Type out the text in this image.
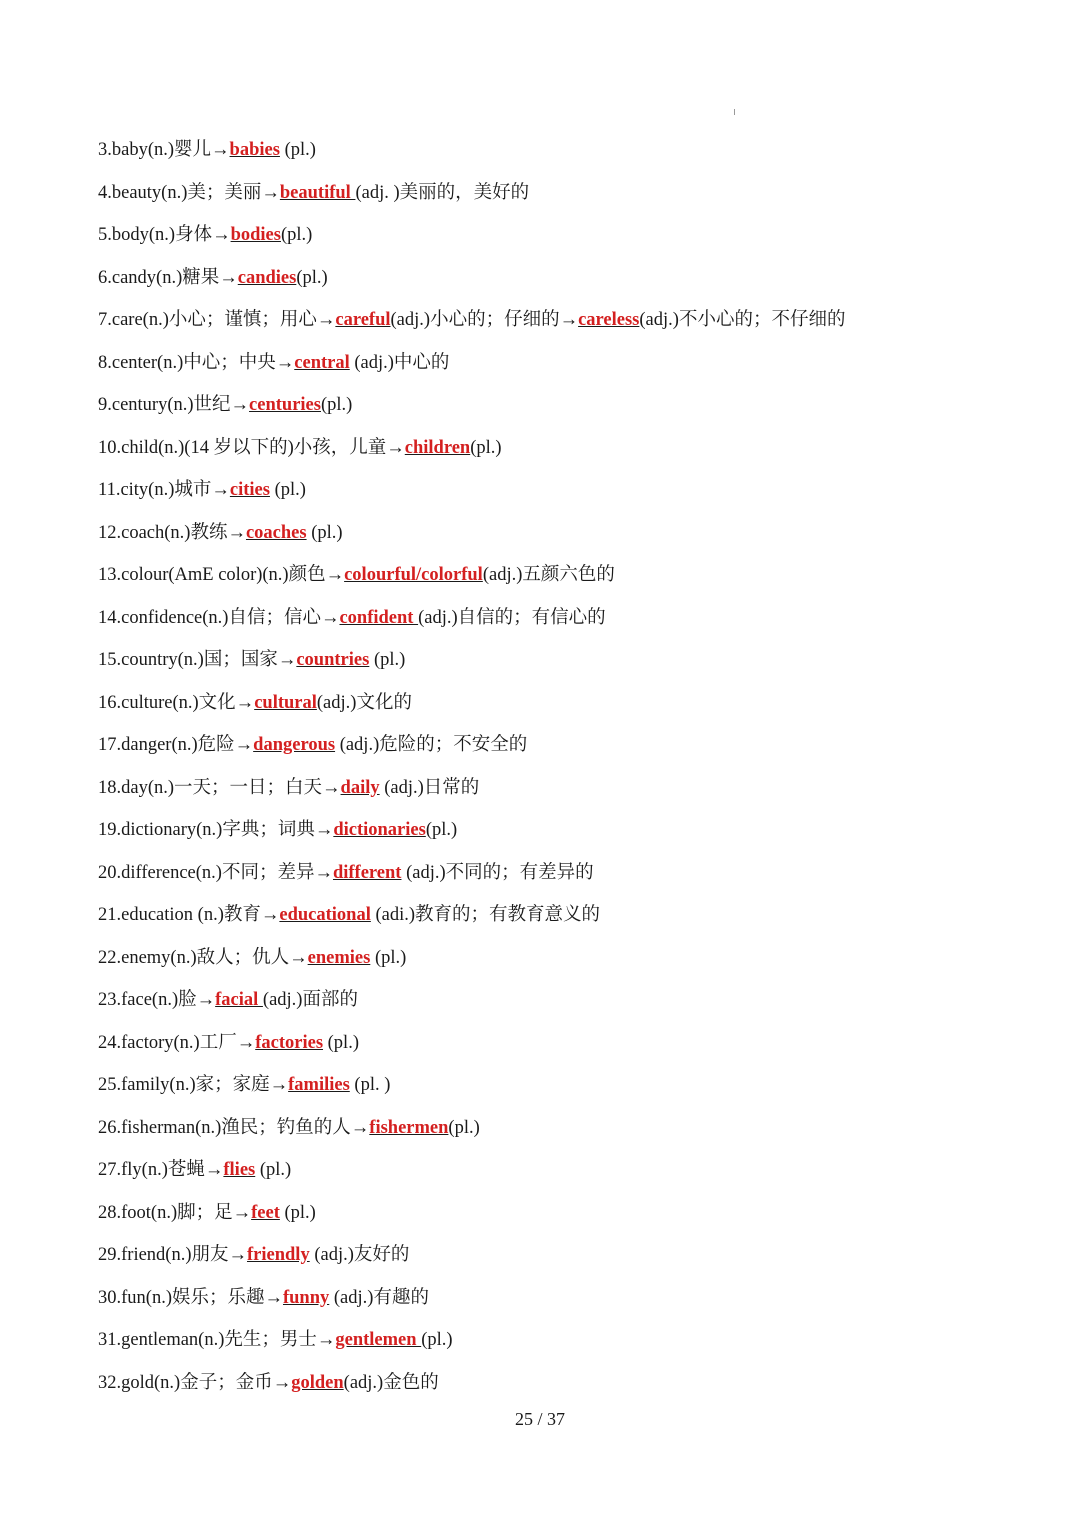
3.baby(n.)婴儿→babies (pl.)
4.beauty(n.)美；美丽→beautiful (adj. )美丽的，美好的
5.body(n.)身体→bodies(pl.)
6.candy(n.)糖果→candies(pl.)
7.care(n.)小心；谨慎；用心→careful(adj.)小心的；仔细的→careless(adj.)不小心的；不仔细的
8.center(n.)中心；中央→central (adj.)中心的
9.century(n.)世纪→centuries(pl.)
10.child(n.)(14 岁以下的)小孩，儿童→children(pl.)
11.city(n.)城市→cities (pl.)
12.coach(n.)教练→coaches (pl.)
13.colour(AmE color)(n.)颜色→colourful/colorful(adj.)五颜六色的
14.confidence(n.)自信；信心→confident (adj.)自信的；有信心的
15.country(n.)国；国家→countries (pl.)
16.culture(n.)文化→cultural(adj.)文化的
17.danger(n.)危险→dangerous (adj.)危险的；不安全的
18.day(n.)一天；一日；白天→daily (adj.)日常的
19.dictionary(n.)字典；词典→dictionaries(pl.)
20.difference(n.)不同；差异→different (adj.)不同的；有差异的
21.education (n.)教育→educational (adi.)教育的；有教育意义的
22.enemy(n.)敌人；仇人→enemies (pl.)
23.face(n.)脸→facial (adj.)面部的
24.factory(n.)工厂→factories (pl.)
25.family(n.)家；家庭→families (pl. )
26.fisherman(n.)渔民；钓鱼的人→fishermen(pl.)
27.fly(n.)苍蝇→flies (pl.)
28.foot(n.)脚；足→feet (pl.)
29.friend(n.)朋友→friendly (adj.)友好的
30.fun(n.)娱乐；乐趣→funny (adj.)有趣的
31.gentleman(n.)先生；男士→gentlemen (pl.)
32.gold(n.)金子；金币→golden(adj.)金色的
25 / 37
